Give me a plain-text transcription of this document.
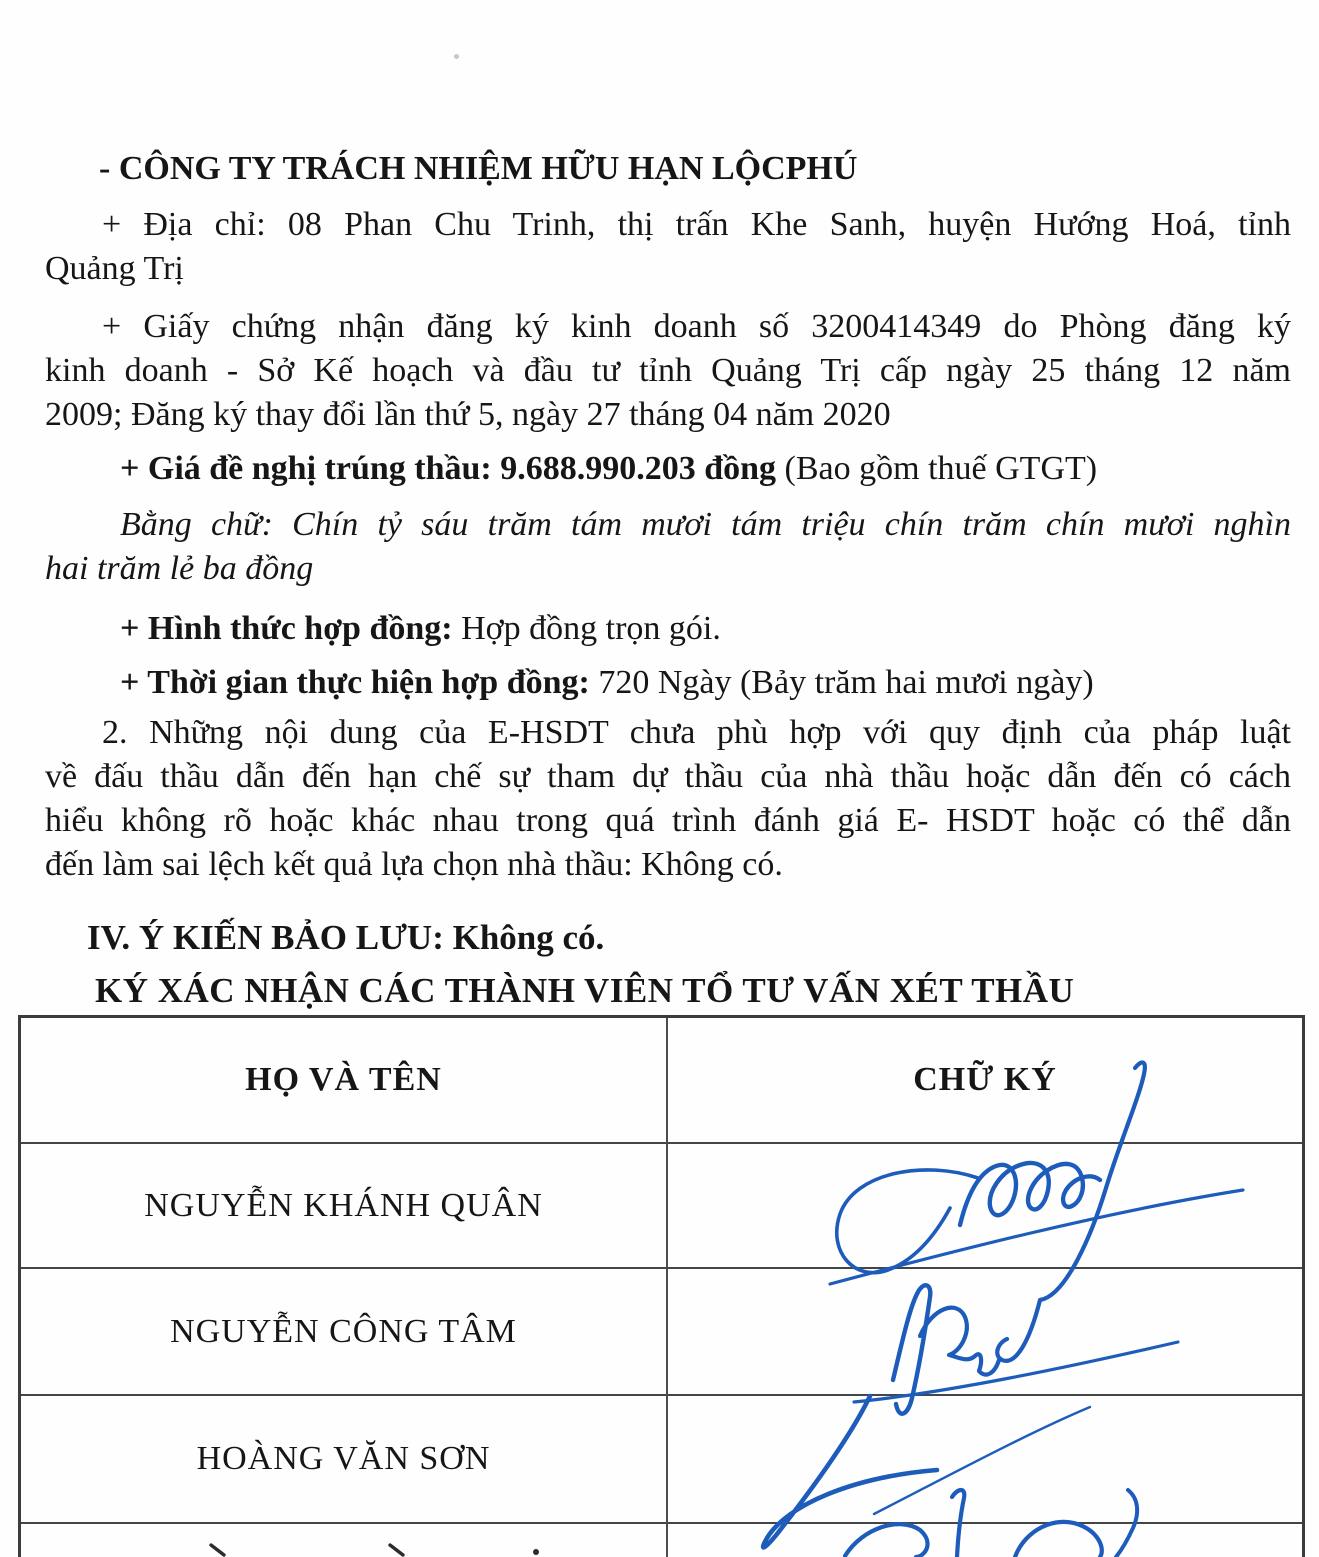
- CÔNG TY TRÁCH NHIỆM HỮU HẠN LỘCPHÚ
+ Địa chỉ: 08 Phan Chu Trinh, thị trấn Khe Sanh, huyện Hướng Hoá, tỉnh
Quảng Trị
+ Giấy chứng nhận đăng ký kinh doanh số 3200414349 do Phòng đăng ký
kinh doanh - Sở Kế hoạch và đầu tư tỉnh Quảng Trị cấp ngày 25 tháng 12 năm
2009; Đăng ký thay đổi lần thứ 5, ngày 27 tháng 04 năm 2020
+ Giá đề nghị trúng thầu: 9.688.990.203 đồng (Bao gồm thuế GTGT)
Bằng chữ: Chín tỷ sáu trăm tám mươi tám triệu chín trăm chín mươi nghìn
hai trăm lẻ ba đồng
+ Hình thức hợp đồng: Hợp đồng trọn gói.
+ Thời gian thực hiện hợp đồng: 720 Ngày (Bảy trăm hai mươi ngày)
2. Những nội dung của E-HSDT chưa phù hợp với quy định của pháp luật
về đấu thầu dẫn đến hạn chế sự tham dự thầu của nhà thầu hoặc dẫn đến có cách
hiểu không rõ hoặc khác nhau trong quá trình đánh giá E- HSDT hoặc có thể dẫn
đến làm sai lệch kết quả lựa chọn nhà thầu: Không có.
IV. Ý KIẾN BẢO LƯU: Không có.
KÝ XÁC NHẬN CÁC THÀNH VIÊN TỔ TƯ VẤN XÉT THẦU
HỌ VÀ TÊN	CHỮ KÝ
NGUYỄN KHÁNH QUÂN
NGUYỄN CÔNG TÂM
HOÀNG VĂN SƠN
